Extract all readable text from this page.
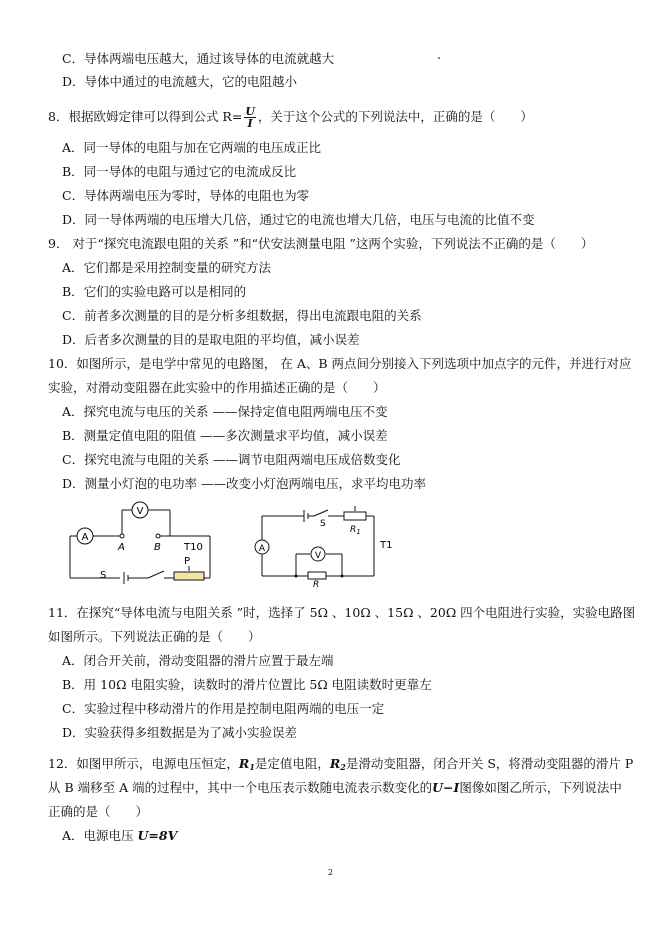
C．导体两端电压越大，通过该导体的电流就越大
D．导体中通过的电流越大，它的电阻越小
8．根据欧姆定律可以得到公式 $R= \frac{U}{I}$ ，关于这个公式的下列说法中，正确的是（　　）
A．同一导体的电阻与加在它两端的电压成正比
B．同一导体的电阻与通过它的电流成反比
C．导体两端电压为零时，导体的电阻也为零
D．同一导体两端的电压增大几倍，通过它的电流也增大几倍，电压与电流的比值不变
9． 对于“探究电流跟电阻的关系 ”和“伏安法测量电阻 ”这两个实验，下列说法不正确的是（　　）
A．它们都是采用控制变量的研究方法
B．它们的实验电路可以是相同的
C．前者多次测量的目的是分析多组数据，得出电流跟电阻的关系
D．后者多次测量的目的是取电阻的平均值，减小误差
10．如图所示，是电学中常见的电路图， 在 A、B 两点间分别接入下列选项中加点字的元件，并进行对应
实验，对滑动变阻器在此实验中的作用描述正确的是（　　）
A．探究电流与电压的关系 ——保持定值电阻两端电压不变
B．测量定值电阻的阻值 ——多次测量求平均值，减小误差
C．探究电流与电阻的关系 ——调节电阻两端电压成倍数变化
D．测量小灯泡的电功率 ——改变小灯泡两端电压，求平均电功率
A
V
A	B
S
P
T10	A
V
S
$R_1$
R
T1
11．在探究“导体电流与电阻关系 ”时，选择了 5Ω 、10Ω 、15Ω 、20Ω 四个电阻进行实验，实验电路图
如图所示。下列说法正确的是（　　）
A．闭合开关前，滑动变阻器的滑片应置于最左端
B．用 10Ω 电阻实验，读数时的滑片位置比 5Ω 电阻读数时更靠左
C．实验过程中移动滑片的作用是控制电阻两端的电压一定
D．实验获得多组数据是为了减小实验误差
12．如图甲所示，电源电压恒定，$R_1$是定值电阻，$R_2$是滑动变阻器，闭合开关 S，将滑动变阻器的滑片 P
从 B 端移至 A 端的过程中，其中一个电压表示数随电流表示数变化的U−I图像如图乙所示，下列说法中
正确的是（　　）
A．电源电压 U=8V
2
